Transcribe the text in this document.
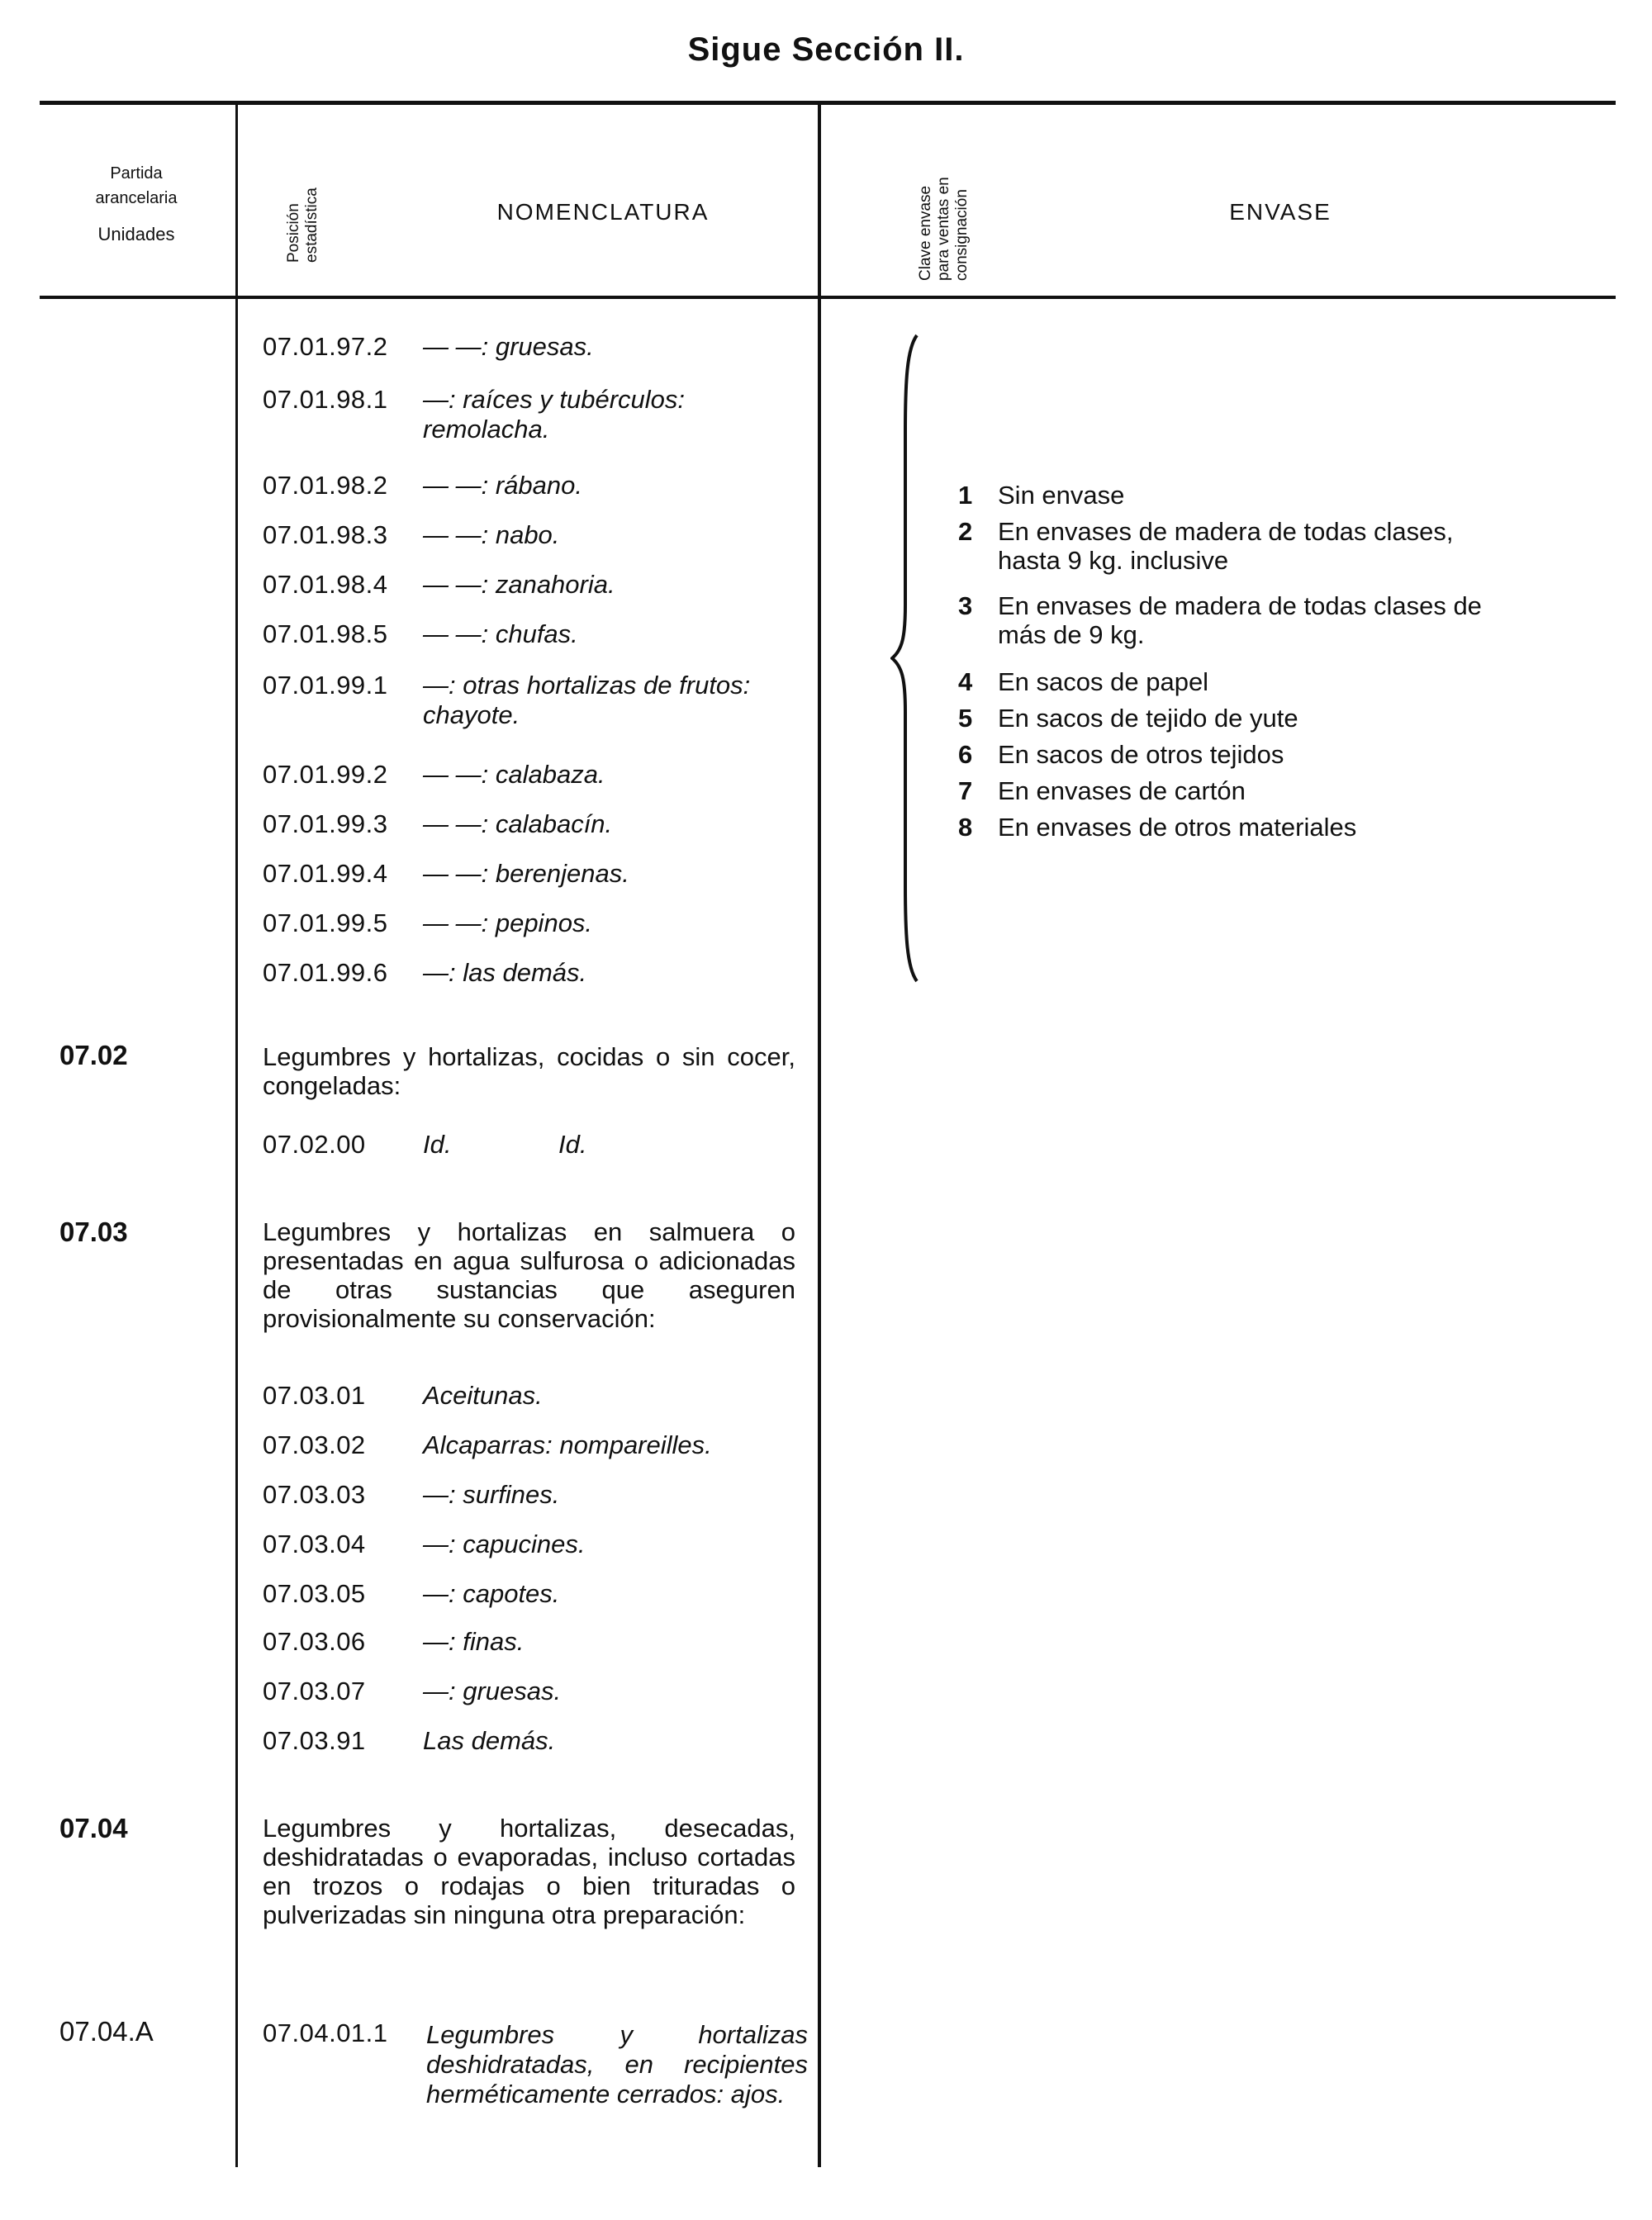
Sigue Sección II.
Partida
arancelaria
Unidades	Posición estadística	NOMENCLATURA	Clave envase para ventas en consignación	ENVASE
07.01.97.2	— —: gruesas.
07.01.98.1	—: raíces y tubérculos: remolacha.
07.01.98.2	— —: rábano.
07.01.98.3	— —: nabo.
07.01.98.4	— —: zanahoria.
07.01.98.5	— —: chufas.
07.01.99.1	—: otras hortalizas de frutos: chayote.
07.01.99.2	— —: calabaza.
07.01.99.3	— —: calabacín.
07.01.99.4	— —: berenjenas.
07.01.99.5	— —: pepinos.
07.01.99.6	—: las demás.
07.02	Legumbres y hortalizas, cocidas o sin cocer, congeladas:
07.02.00	Id.	Id.
07.03	Legumbres y hortalizas en salmuera o presentadas en agua sulfurosa o adicionadas de otras sustancias que aseguren provisionalmente su conservación:
07.03.01	Aceitunas.
07.03.02	Alcaparras: nompareilles.
07.03.03	—: surfines.
07.03.04	—: capucines.
07.03.05	—: capotes.
07.03.06	—: finas.
07.03.07	—: gruesas.
07.03.91	Las demás.
07.04	Legumbres y hortalizas, desecadas, deshidratadas o evaporadas, incluso cortadas en trozos o rodajas o bien trituradas o pulverizadas sin ninguna otra preparación:
07.04.A	07.04.01.1	Legumbres y hortalizas deshidratadas, en recipientes herméticamente cerrados: ajos.
1 Sin envase
2 En envases de madera de todas clases, hasta 9 kg. inclusive
3 En envases de madera de todas clases de más de 9 kg.
4 En sacos de papel
5 En sacos de tejido de yute
6 En sacos de otros tejidos
7 En envases de cartón
8 En envases de otros materiales
